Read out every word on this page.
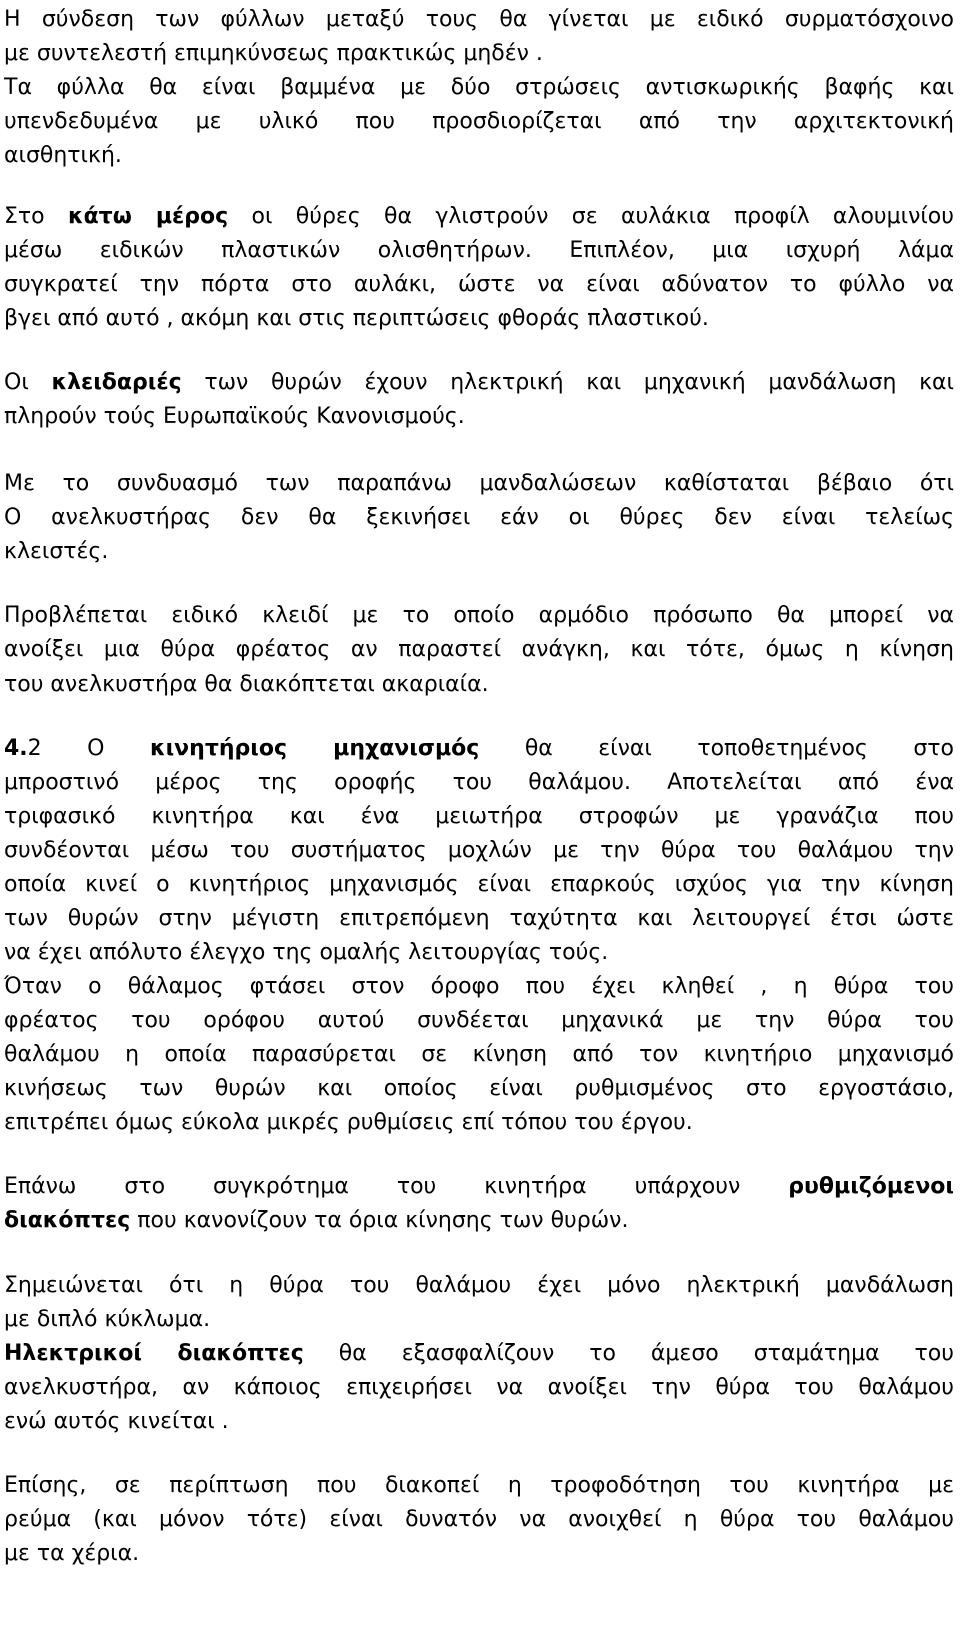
Η σύνδεση των φύλλων μεταξύ τους θα γίνεται με ειδικό συρματόσχοινο
με συντελεστή επιμηκύνσεως πρακτικώς μηδέν .
Τα φύλλα θα είναι βαμμένα με δύο στρώσεις αντισκωρικής βαφής και
υπενδεδυμένα με υλικό που προσδιορίζεται από την αρχιτεκτονική
αισθητική.
Στο κάτω μέρος οι θύρες θα γλιστρούν σε αυλάκια προφίλ αλουμινίου
μέσω ειδικών πλαστικών ολισθητήρων. Επιπλέον, μια ισχυρή λάμα
συγκρατεί την πόρτα στο αυλάκι, ώστε να είναι αδύνατον το φύλλο να
βγει από αυτό , ακόμη και στις περιπτώσεις φθοράς πλαστικού.
Οι κλειδαριές των θυρών έχουν ηλεκτρική και μηχανική μανδάλωση και
πληρούν τούς Ευρωπαϊκούς Κανονισμούς.
Με το συνδυασμό των παραπάνω μανδαλώσεων καθίσταται βέβαιο ότι
Ο ανελκυστήρας δεν θα ξεκινήσει εάν οι θύρες δεν είναι τελείως
κλειστές.
Προβλέπεται ειδικό κλειδί με το οποίο αρμόδιο πρόσωπο θα μπορεί να
ανοίξει μια θύρα φρέατος αν παραστεί ανάγκη, και τότε, όμως η κίνηση
του ανελκυστήρα θα διακόπτεται ακαριαία.
4.2 Ο κινητήριος μηχανισμός θα είναι τοποθετημένος στο
μπροστινό μέρος της οροφής του θαλάμου. Αποτελείται από ένα
τριφασικό κινητήρα και ένα μειωτήρα στροφών με γρανάζια που
συνδέονται μέσω του συστήματος μοχλών με την θύρα του θαλάμου την
οποία κινεί ο κινητήριος μηχανισμός είναι επαρκούς ισχύος για την κίνηση
των θυρών στην μέγιστη επιτρεπόμενη ταχύτητα και λειτουργεί έτσι ώστε
να έχει απόλυτο έλεγχο της ομαλής λειτουργίας τούς.
Όταν ο θάλαμος φτάσει στον όροφο που έχει κληθεί , η θύρα του
φρέατος του ορόφου αυτού συνδέεται μηχανικά με την θύρα του
θαλάμου η οποία παρασύρεται σε κίνηση από τον κινητήριο μηχανισμό
κινήσεως των θυρών και οποίος είναι ρυθμισμένος στο εργοστάσιο,
επιτρέπει όμως εύκολα μικρές ρυθμίσεις επί τόπου του έργου.
Επάνω στο συγκρότημα του κινητήρα υπάρχουν ρυθμιζόμενοι
διακόπτες που κανονίζουν τα όρια κίνησης των θυρών.
Σημειώνεται ότι η θύρα του θαλάμου έχει μόνο ηλεκτρική μανδάλωση
με διπλό κύκλωμα.
Ηλεκτρικοί διακόπτες θα εξασφαλίζουν το άμεσο σταμάτημα του
ανελκυστήρα, αν κάποιος επιχειρήσει να ανοίξει την θύρα του θαλάμου
ενώ αυτός κινείται .
Επίσης, σε περίπτωση που διακοπεί η τροφοδότηση του κινητήρα με
ρεύμα (και μόνον τότε) είναι δυνατόν να ανοιχθεί η θύρα του θαλάμου
με τα χέρια.
